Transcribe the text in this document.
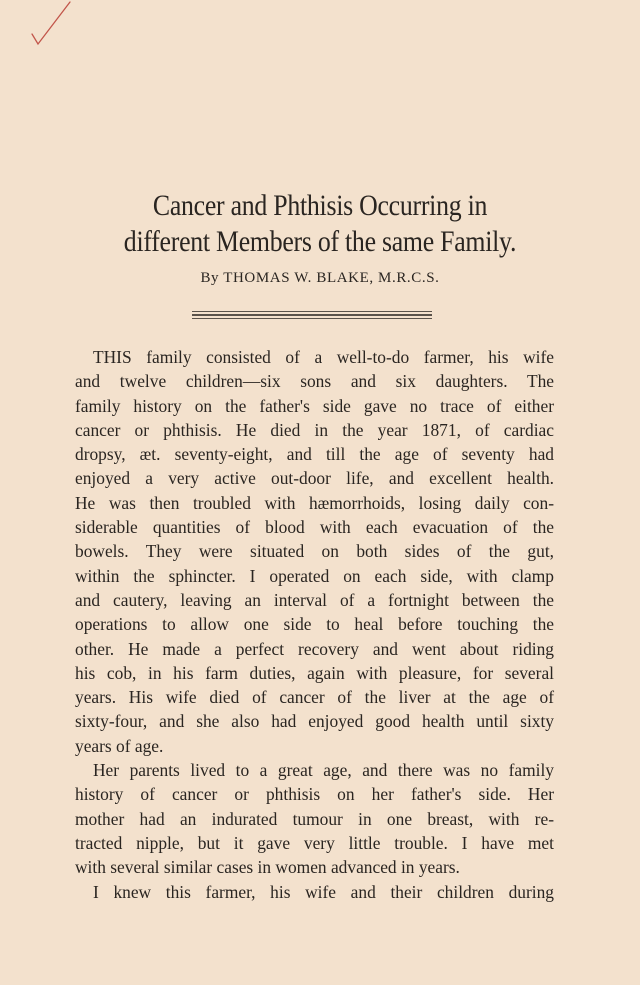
Cancer and Phthisis Occurring in
different Members of the same Family.

By THOMAS W. BLAKE, M.R.C.S.

THIS family consisted of a well-to-do farmer, his wife

and twelve children—six sons and six daughters. The

family history on the father's side gave no trace of either

cancer or phthisis. He died in the year 1871, of cardiac

dropsy, æt. seventy-eight, and till the age of seventy had

enjoyed a very active out-door life, and excellent health.

He was then troubled with hæmorrhoids, losing daily con-

siderable quantities of blood with each evacuation of the

bowels. They were situated on both sides of the gut,

within the sphincter. I operated on each side, with clamp

and cautery, leaving an interval of a fortnight between the

operations to allow one side to heal before touching the

other. He made a perfect recovery and went about riding

his cob, in his farm duties, again with pleasure, for several

years. His wife died of cancer of the liver at the age of

sixty-four, and she also had enjoyed good health until sixty

years of age.

Her parents lived to a great age, and there was no family

history of cancer or phthisis on her father's side. Her

mother had an indurated tumour in one breast, with re-

tracted nipple, but it gave very little trouble. I have met

with several similar cases in women advanced in years.

I knew this farmer, his wife and their children during
